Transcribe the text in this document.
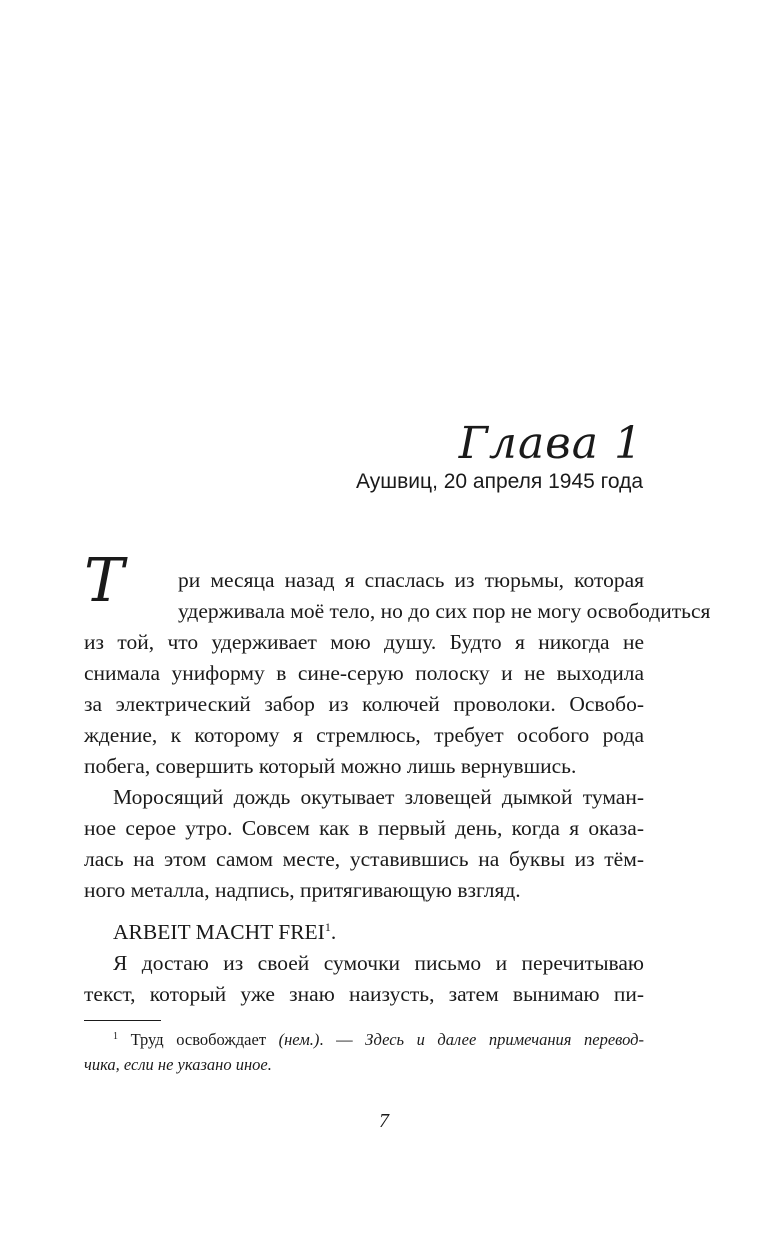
Глава 1
Аушвиц, 20 апреля 1945 года
Т	ри месяца назад я спаслась из тюрьмы, которая
удерживала моё тело, но до сих пор не могу освободиться
из той, что удерживает мою душу. Будто я никогда не
снимала униформу в сине-серую полоску и не выходила
за электрический забор из колючей проволоки. Освобо-
ждение, к которому я стремлюсь, требует особого рода
побега, совершить который можно лишь вернувшись.
Моросящий дождь окутывает зловещей дымкой туман-
ное серое утро. Совсем как в первый день, когда я оказа-
лась на этом самом месте, уставившись на буквы из тём-
ного металла, надпись, притягивающую взгляд.
ARBEIT MACHT FREI$^1$.
Я достаю из своей сумочки письмо и перечитываю
текст, который уже знаю наизусть, затем вынимаю пи-
$^1$ Труд освобождает (нем.). — Здесь и далее примечания перевод-
чика, если не указано иное.
7
